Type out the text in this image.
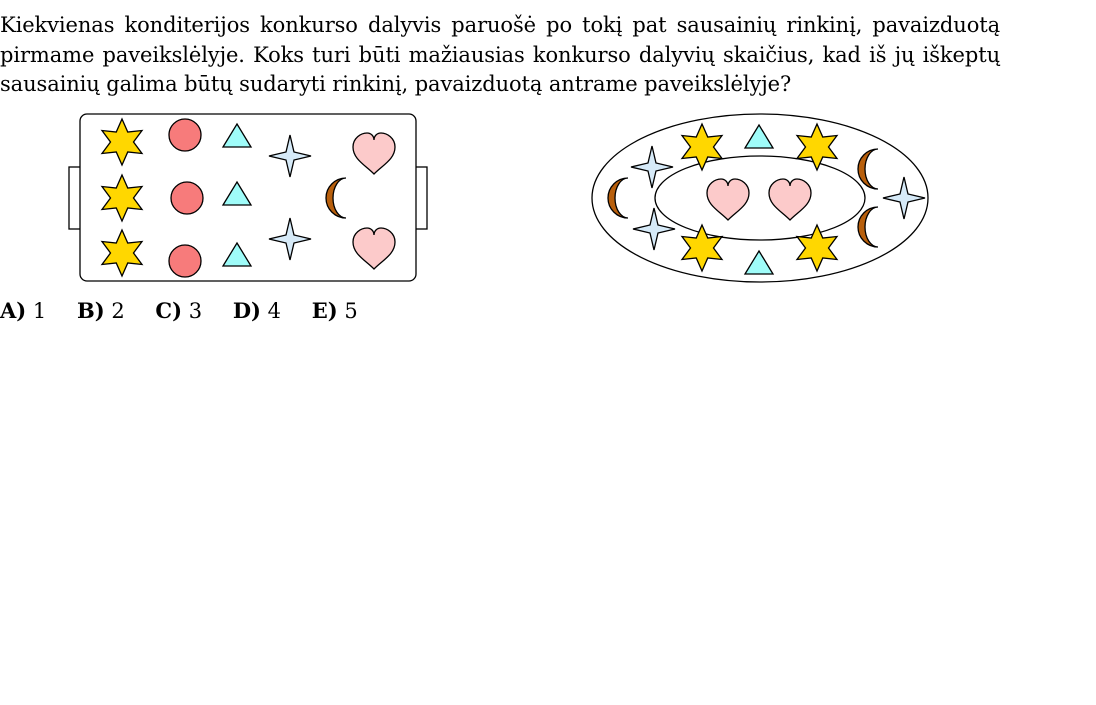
Kiekvienas konditerijos konkurso dalyvis paruošė po tokį pat sausainių rinkinį, pavaizduotą pirmame paveikslėlyje. Koks turi būti mažiausias konkurso dalyvių skaičius, kad iš jų iškeptų sausainių galima būtų sudaryti rinkinį, pavaizduotą antrame paveikslėlyje?

A) 1 B) 2 C) 3 D) 4 E) 5
